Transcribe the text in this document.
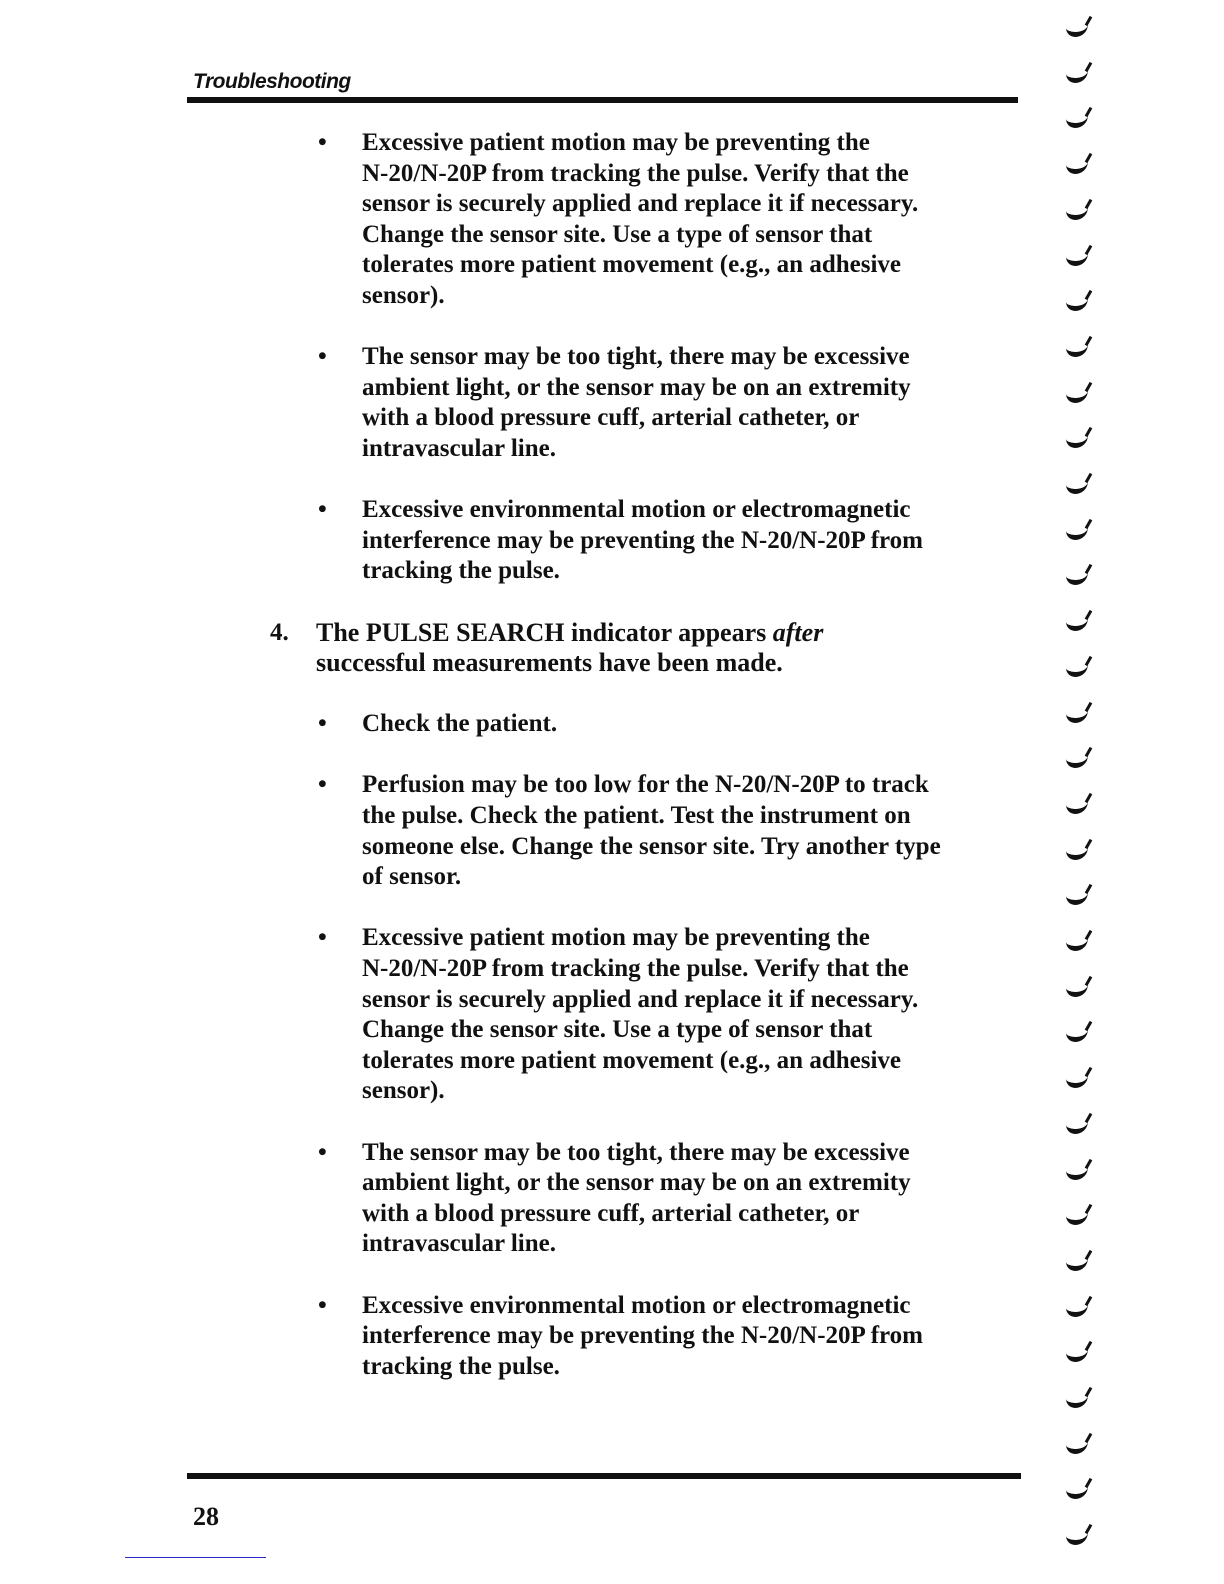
Troubleshooting
• Excessive patient motion may be preventing the
N-20/N-20P from tracking the pulse. Verify that the
sensor is securely applied and replace it if necessary.
Change the sensor site. Use a type of sensor that
tolerates more patient movement (e.g., an adhesive
sensor).
• The sensor may be too tight, there may be excessive
ambient light, or the sensor may be on an extremity
with a blood pressure cuff, arterial catheter, or
intravascular line.
• Excessive environmental motion or electromagnetic
interference may be preventing the N-20/N-20P from
tracking the pulse.
4. The PULSE SEARCH indicator appears after
successful measurements have been made.
• Check the patient.
• Perfusion may be too low for the N-20/N-20P to track
the pulse. Check the patient. Test the instrument on
someone else. Change the sensor site. Try another type
of sensor.
• Excessive patient motion may be preventing the
N-20/N-20P from tracking the pulse. Verify that the
sensor is securely applied and replace it if necessary.
Change the sensor site. Use a type of sensor that
tolerates more patient movement (e.g., an adhesive
sensor).
• The sensor may be too tight, there may be excessive
ambient light, or the sensor may be on an extremity
with a blood pressure cuff, arterial catheter, or
intravascular line.
• Excessive environmental motion or electromagnetic
interference may be preventing the N-20/N-20P from
tracking the pulse.
28
